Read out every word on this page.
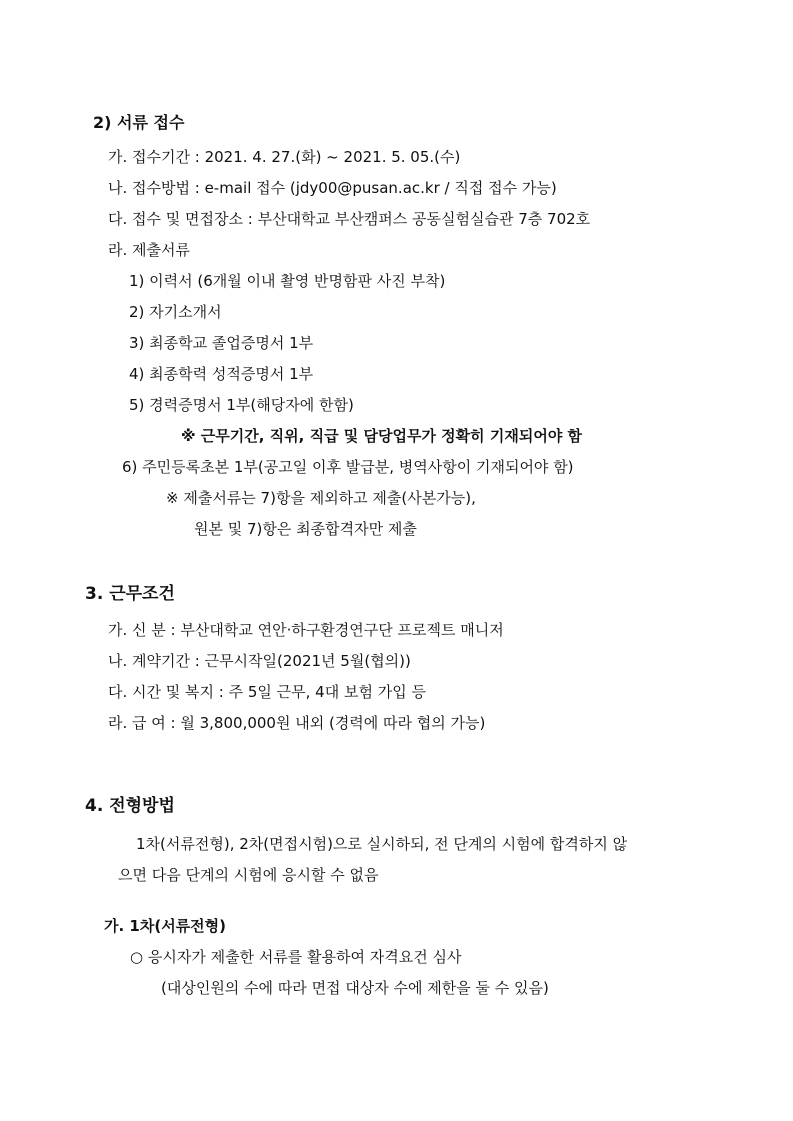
2) 서류 접수
가. 접수기간 : 2021. 4. 27.(화) ~ 2021. 5. 05.(수)
나. 접수방법 : e-mail 접수 (jdy00@pusan.ac.kr / 직접 접수 가능)
다. 접수 및 면접장소 : 부산대학교 부산캠퍼스 공동실험실습관 7층 702호
라. 제출서류
1) 이력서 (6개월 이내 촬영 반명함판 사진 부착)
2) 자기소개서
3) 최종학교 졸업증명서 1부
4) 최종학력 성적증명서 1부
5) 경력증명서 1부(해당자에 한함)
※ 근무기간, 직위, 직급 및 담당업무가 정확히 기재되어야 함
6) 주민등록초본 1부(공고일 이후 발급분, 병역사항이 기재되어야 함)
※ 제출서류는 7)항을 제외하고 제출(사본가능),
원본 및 7)항은 최종합격자만 제출
3. 근무조건
가. 신 분 : 부산대학교 연안·하구환경연구단 프로젝트 매니저
나. 계약기간 : 근무시작일(2021년 5월(협의))
다. 시간 및 복지 : 주 5일 근무, 4대 보험 가입 등
라. 급 여 : 월 3,800,000원 내외 (경력에 따라 협의 가능)
4. 전형방법
1차(서류전형), 2차(면접시험)으로 실시하되, 전 단계의 시험에 합격하지 않
으면 다음 단계의 시험에 응시할 수 없음
가. 1차(서류전형)
○ 응시자가 제출한 서류를 활용하여 자격요건 심사
(대상인원의 수에 따라 면접 대상자 수에 제한을 둘 수 있음)
